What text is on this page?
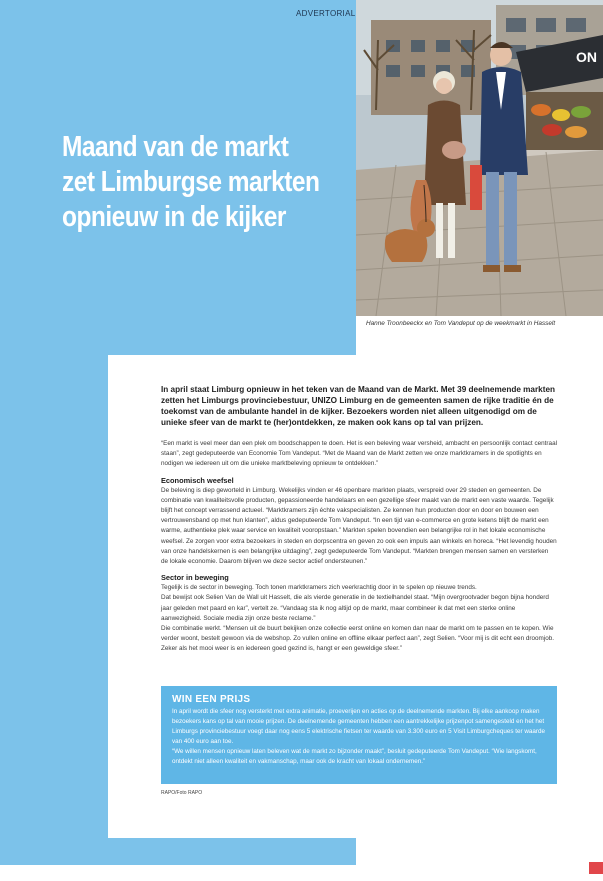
ADVERTORIAL
Maand van de markt
zet Limburgse markten
opnieuw in de kijker
ON
Hanne Troonbeeckx en Tom Vandeput op de weekmarkt in Hasselt

In april staat Limburg opnieuw in het teken van de Maand van de Markt. Met 39 deelnemende markten zetten het Limburgs provinciebestuur, UNIZO Limburg en de gemeenten samen de rijke traditie én de toekomst van de ambulante handel in de kijker. Bezoekers worden niet alleen uitgenodigd om de unieke sfeer van de markt te (her)ontdekken, ze maken ook kans op tal van prijzen.

“Een markt is veel meer dan een plek om boodschappen te doen. Het is een beleving waar versheid, ambacht en persoonlijk contact centraal staan”, zegt gedeputeerde van Economie Tom Vandeput. “Met de Maand van de Markt zetten we onze marktkramers in de spotlights en nodigen we iedereen uit om die unieke marktbeleving opnieuw te ontdekken.”

Economisch weefsel

De beleving is diep geworteld in Limburg. Wekelijks vinden er 46 openbare markten plaats, verspreid over 29 steden en gemeenten. De combinatie van kwaliteitsvolle producten, gepassioneerde handelaars en een gezellige sfeer maakt van de markt een vaste waarde. Tegelijk blijft het concept verrassend actueel. “Marktkramers zijn échte vakspecialisten. Ze kennen hun producten door en door en bouwen een vertrouwensband op met hun klanten”, aldus gedeputeerde Tom Vandeput. “In een tijd van e-commerce en grote ketens blijft de markt een warme, authentieke plek waar service en kwaliteit vooropstaan.” Markten spelen bovendien een belangrijke rol in het lokale economische weefsel. Ze zorgen voor extra bezoekers in steden en dorpscentra en geven zo ook een impuls aan winkels en horeca. “Het levendig houden van onze handelskernen is een belangrijke uitdaging”, zegt gedeputeerde Tom Vandeput. “Markten brengen mensen samen en versterken de lokale economie. Daarom blijven we deze sector actief ondersteunen.”

Sector in beweging

Tegelijk is de sector in beweging. Toch tonen marktkramers zich veerkrachtig door in te spelen op nieuwe trends.

Dat bewijst ook Selien Van de Wall uit Hasselt, die als vierde generatie in de textielhandel staat. “Mijn overgrootvader begon bijna honderd jaar geleden met paard en kar”, vertelt ze. “Vandaag sta ik nog altijd op de markt, maar combineer ik dat met een sterke online aanwezigheid. Sociale media zijn onze beste reclame.”

Die combinatie werkt. “Mensen uit de buurt bekijken onze collectie eerst online en komen dan naar de markt om te passen en te kopen. Wie verder woont, bestelt gewoon via de webshop. Zo vullen online en offline elkaar perfect aan”, zegt Selien. “Voor mij is dit echt een droomjob. Zeker als het mooi weer is en iedereen goed gezind is, hangt er een geweldige sfeer.”

WIN EEN PRIJS
In april wordt die sfeer nog versterkt met extra animatie, proeverijen en acties op de deelnemende markten. Bij elke aankoop maken bezoekers kans op tal van mooie prijzen. De deelnemende gemeenten hebben een aantrekkelijke prijzenpot samengesteld en het het Limburgs provinciebestuur voegt daar nog eens 5 elektrische fietsen ter waarde van 3.300 euro en 5 Visit Limburgcheques ter waarde van 400 euro aan toe.
“We willen mensen opnieuw laten beleven wat de markt zo bijzonder maakt”, besluit gedeputeerde Tom Vandeput. “Wie langskomt, ontdekt niet alleen kwaliteit en vakmanschap, maar ook de kracht van lokaal ondernemen.”
RAPO/Foto RAPO
